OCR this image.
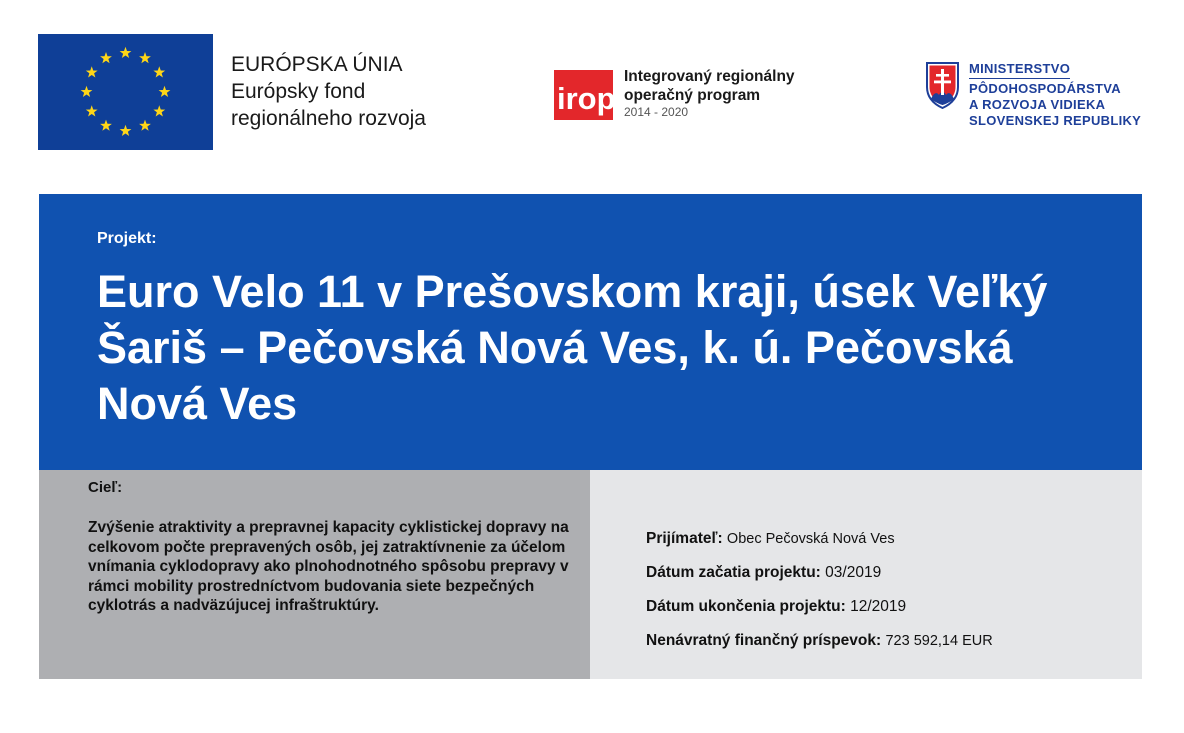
EURÓPSKA ÚNIA
Európsky fond
regionálneho rozvoja
irop
Integrovaný regionálny
operačný program
2014 - 2020
MINISTERSTVO
PÔDOHOSPODÁRSTVA
A ROZVOJA VIDIEKA
SLOVENSKEJ REPUBLIKY
Projekt:
Euro Velo 11 v Prešovskom kraji, úsek Veľký Šariš – Pečovská Nová Ves, k. ú. Pečovská Nová Ves
Cieľ:
Zvýšenie atraktivity a prepravnej kapacity cyklistickej dopravy na celkovom počte prepravených osôb, jej zatraktívnenie za účelom vnímania cyklodopravy ako plnohodnotného spôsobu prepravy v rámci mobility prostredníctvom budovania siete bezpečných cyklotrás a nadväzújucej infraštruktúry.
Prijímateľ: Obec Pečovská Nová Ves
Dátum začatia projektu: 03/2019
Dátum ukončenia projektu: 12/2019
Nenávratný finančný príspevok: 723 592,14 EUR
